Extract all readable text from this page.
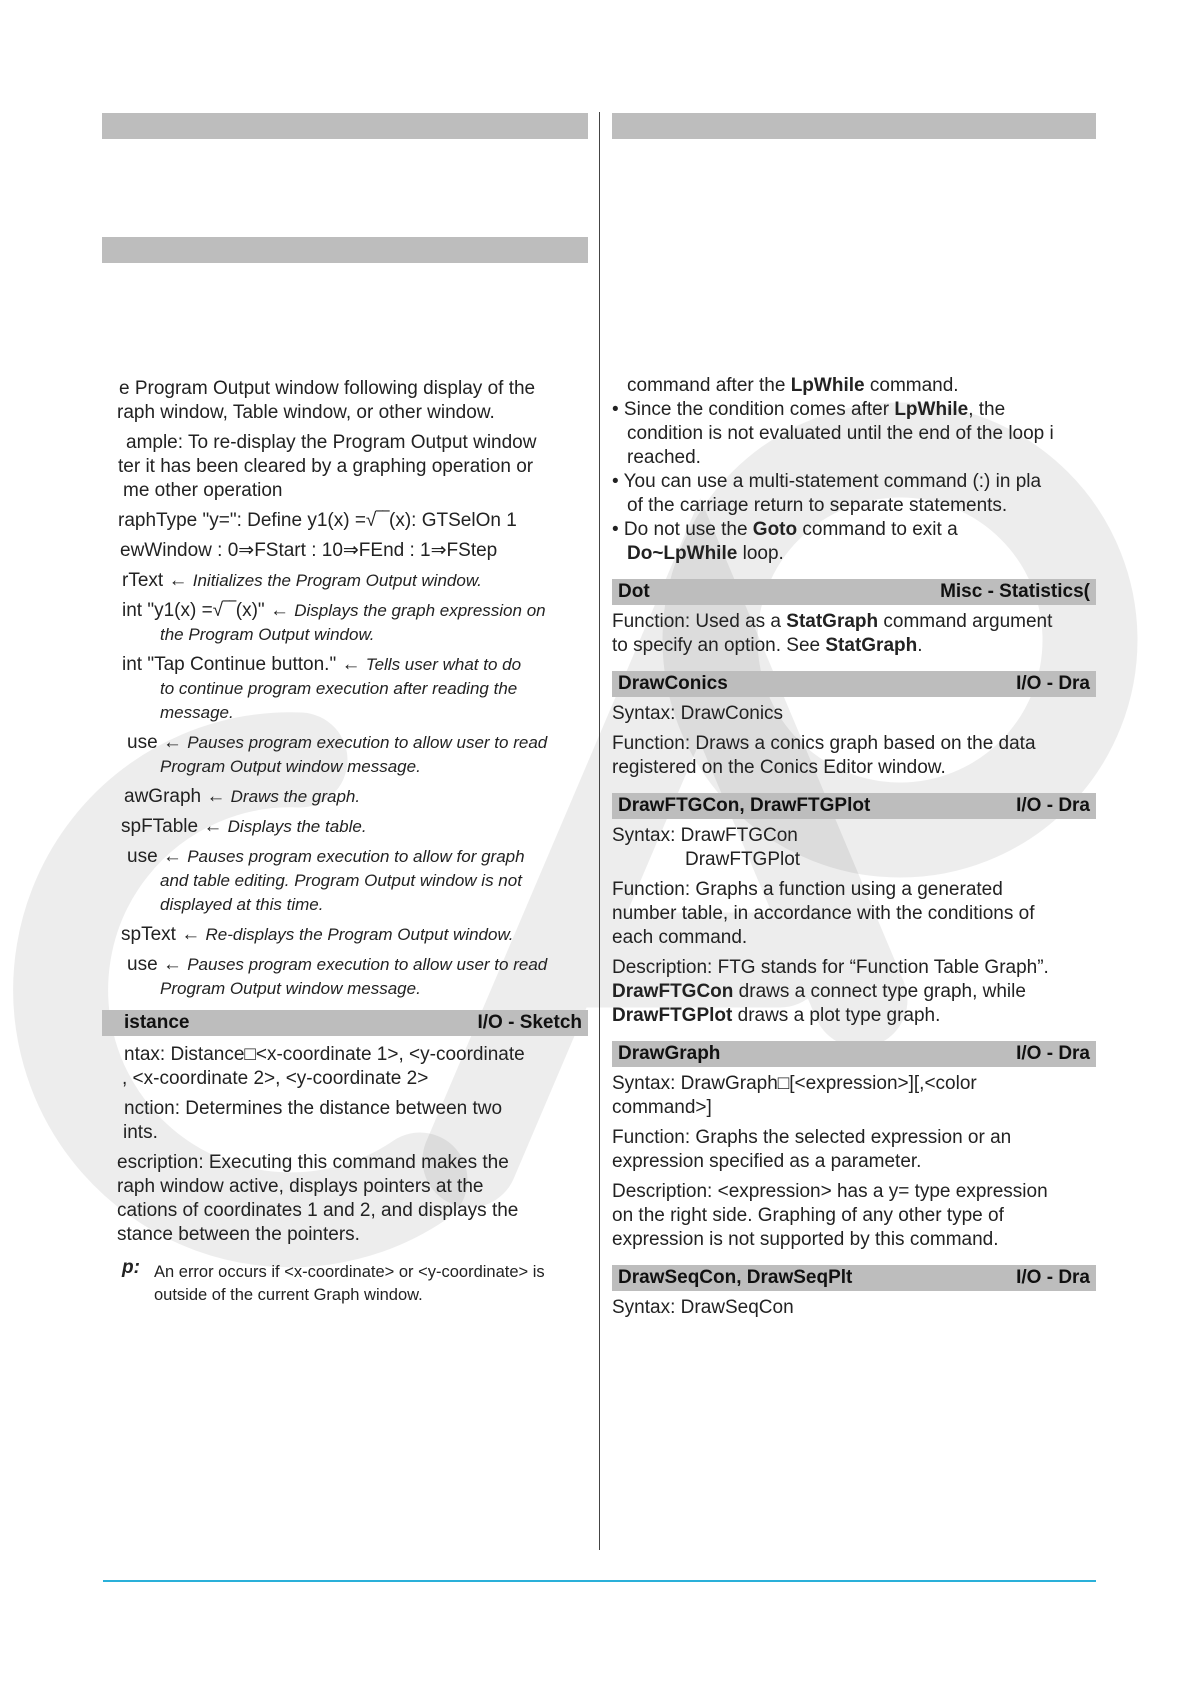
e Program Output window following display of the
raph window, Table window, or other window.
ample: To re-display the Program Output window
ter it has been cleared by a graphing operation or
me other operation
raphType "y=": Define y1(x) =√‾‾(x): GTSelOn 1
ewWindow : 0⇒FStart : 10⇒FEnd : 1⇒FStep
rText ← Initializes the Program Output window.
int "y1(x) =√‾‾(x)" ← Displays the graph expression on
the Program Output window.
int "Tap Continue button." ← Tells user what to do
to continue program execution after reading the
message.
use ← Pauses program execution to allow user to read
Program Output window message.
awGraph ← Draws the graph.
spFTable ← Displays the table.
use ← Pauses program execution to allow for graph
and table editing. Program Output window is not
displayed at this time.
spText ← Re-displays the Program Output window.
use ← Pauses program execution to allow user to read
Program Output window message.
istance	I/O - Sketch
ntax: Distance□<x-coordinate 1>, <y-coordinate
, <x-coordinate 2>, <y-coordinate 2>
nction: Determines the distance between two
ints.
escription: Executing this command makes the
raph window active, displays pointers at the
cations of coordinates 1 and 2, and displays the
stance between the pointers.
p: An error occurs if <x-coordinate> or <y-coordinate> is
outside of the current Graph window.
command after the LpWhile command.
• Since the condition comes after LpWhile, the
condition is not evaluated until the end of the loop i
reached.
• You can use a multi-statement command (:) in pla
of the carriage return to separate statements.
• Do not use the Goto command to exit a
Do~LpWhile loop.
Dot	Misc - Statistics(
Function: Used as a StatGraph command argument
to specify an option. See StatGraph.
DrawConics	I/O - Dra
Syntax: DrawConics
Function: Draws a conics graph based on the data
registered on the Conics Editor window.
DrawFTGCon, DrawFTGPlot	I/O - Dra
Syntax: DrawFTGCon
DrawFTGPlot
Function: Graphs a function using a generated
number table, in accordance with the conditions of
each command.
Description: FTG stands for “Function Table Graph”.
DrawFTGCon draws a connect type graph, while
DrawFTGPlot draws a plot type graph.
DrawGraph	I/O - Dra
Syntax: DrawGraph□[<expression>][,<color
command>]
Function: Graphs the selected expression or an
expression specified as a parameter.
Description: <expression> has a y= type expression
on the right side. Graphing of any other type of
expression is not supported by this command.
DrawSeqCon, DrawSeqPlt	I/O - Dra
Syntax: DrawSeqCon
